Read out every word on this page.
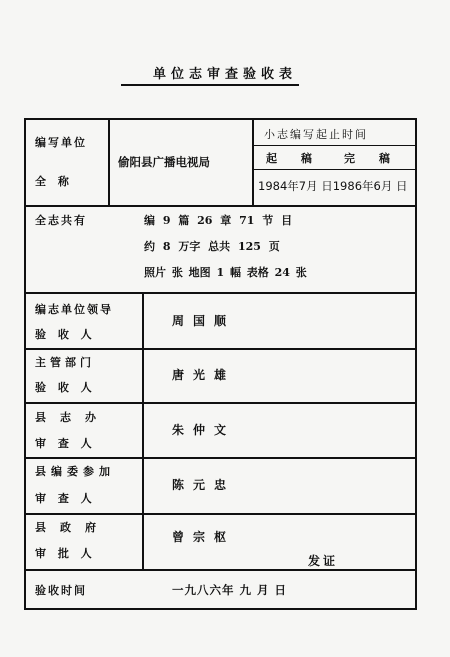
单位志审查验收表
编写单位
全 称
偷阳县广播电视局
小志编写起止时间
起 稿 完 稿
1984年7月 日1986年6月 日
全志共有	编 9 篇 26 章 71 节 目
约 8 万字 总共 125 页
照片 张 地图 1 幅 表格 24 张
编志单位领导
验 收 人
周国顺
主管部门
验 收 人
唐光雄
县志办
审 查 人
朱仲文
县编委参加
审 查 人
陈元忠
县政府
审 批 人
曾宗枢
发证
验收时间	一九八六年 九 月 日
